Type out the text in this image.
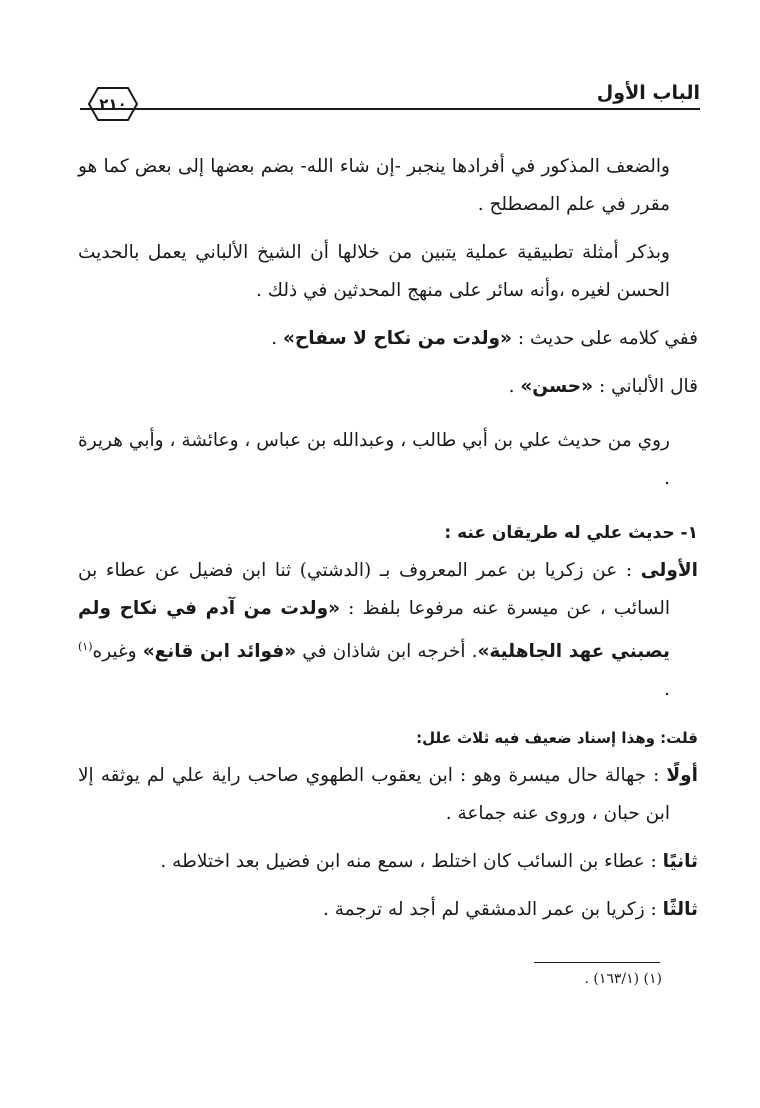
٢١٠	الباب الأول

والضعف المذكور في أفرادها ينجبر -إن شاء الله- بضم بعضها إلى بعض كما هو مقرر في علم المصطلح .

وبذكر أمثلة تطبيقية عملية يتبين من خلالها أن الشيخ الألباني يعمل بالحديث الحسن لغيره ،وأنه سائر على منهج المحدثين في ذلك .

ففي كلامه على حديث : «ولدت من نكاح لا سفاح» .

قال الألباني : «حسن» .

روي من حديث علي بن أبي طالب ، وعبدالله بن عباس ، وعائشة ، وأبي هريرة .

١- حديث علي له طريقان عنه :

الأولى : عن زكريا بن عمر المعروف بـ (الدشتي) ثنا ابن فضيل عن عطاء بن السائب ، عن ميسرة عنه مرفوعا بلفظ : «ولدت من آدم في نكاح ولم يصبني عهد الجاهلية». أخرجه ابن شاذان في «فوائد ابن قانع» وغيره$^{(١)}$ .

قلت: وهذا إسناد ضعيف فيه ثلاث علل:

أولًا : جهالة حال ميسرة وهو : ابن يعقوب الطهوي صاحب راية علي لم يوثقه إلا ابن حبان ، وروى عنه جماعة .

ثانيًا : عطاء بن السائب كان اختلط ، سمع منه ابن فضيل بعد اختلاطه .

ثالثًا : زكريا بن عمر الدمشقي لم أجد له ترجمة .

(١) (١٦٣/١) .
